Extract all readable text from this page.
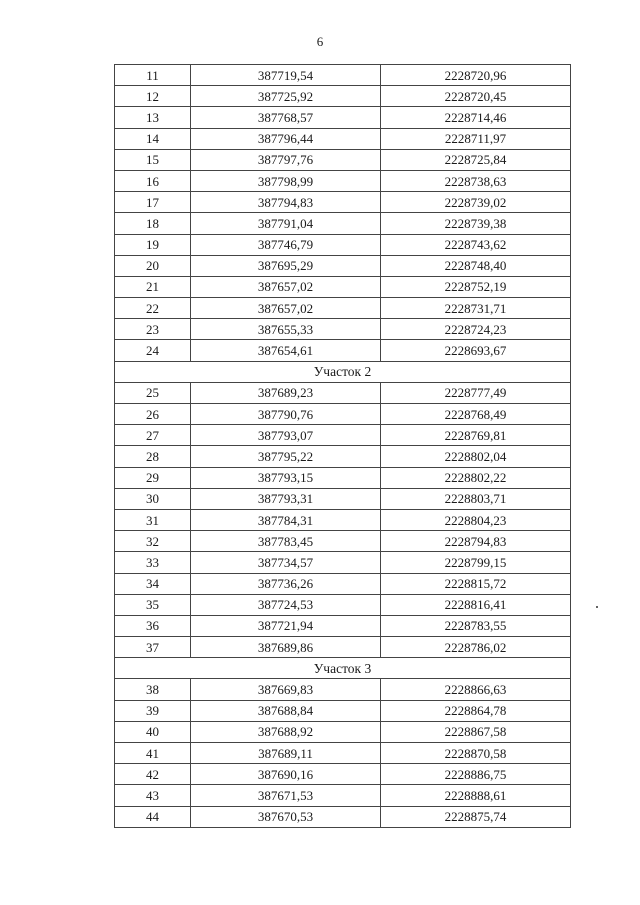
6
11	387719,54	2228720,96
12	387725,92	2228720,45
13	387768,57	2228714,46
14	387796,44	2228711,97
15	387797,76	2228725,84
16	387798,99	2228738,63
17	387794,83	2228739,02
18	387791,04	2228739,38
19	387746,79	2228743,62
20	387695,29	2228748,40
21	387657,02	2228752,19
22	387657,02	2228731,71
23	387655,33	2228724,23
24	387654,61	2228693,67
Участок 2		
25	387689,23	2228777,49
26	387790,76	2228768,49
27	387793,07	2228769,81
28	387795,22	2228802,04
29	387793,15	2228802,22
30	387793,31	2228803,71
31	387784,31	2228804,23
32	387783,45	2228794,83
33	387734,57	2228799,15
34	387736,26	2228815,72
35	387724,53	2228816,41
36	387721,94	2228783,55
37	387689,86	2228786,02
Участок 3		
38	387669,83	2228866,63
39	387688,84	2228864,78
40	387688,92	2228867,58
41	387689,11	2228870,58
42	387690,16	2228886,75
43	387671,53	2228888,61
44	387670,53	2228875,74
